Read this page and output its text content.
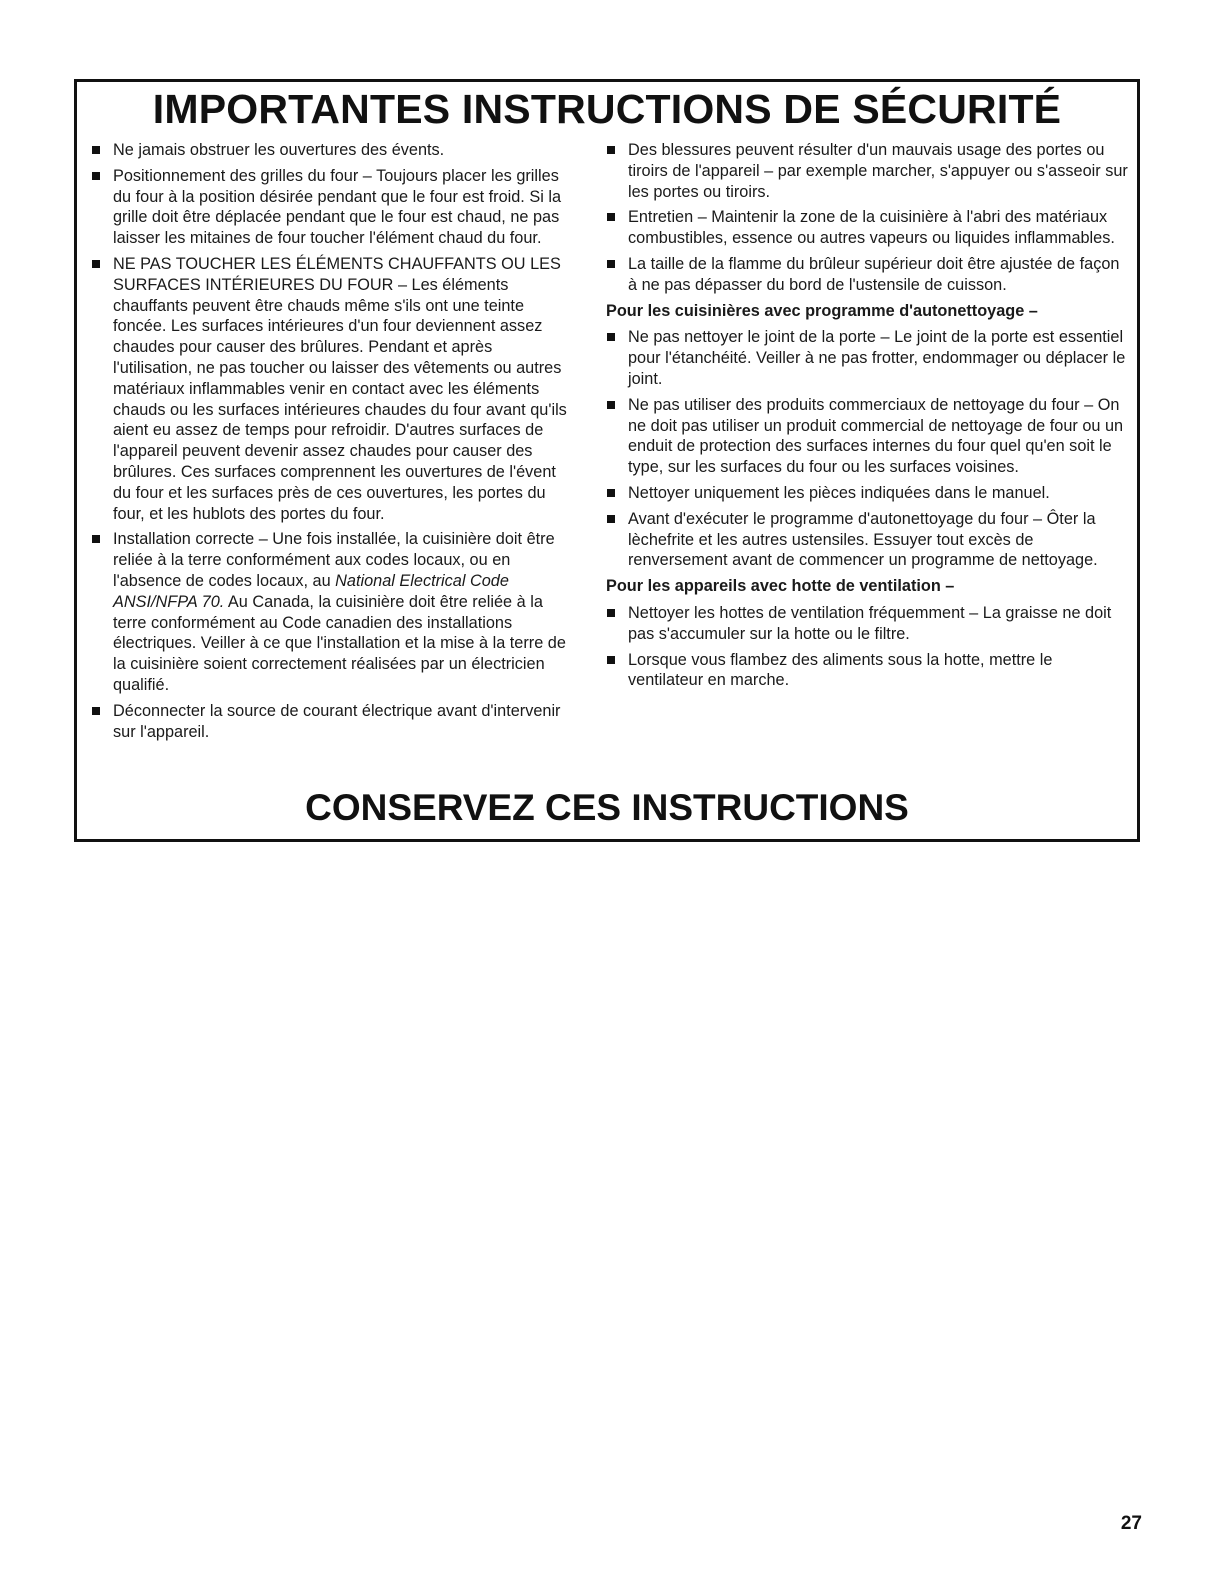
IMPORTANTES INSTRUCTIONS DE SÉCURITÉ
Ne jamais obstruer les ouvertures des évents.
Positionnement des grilles du four – Toujours placer les grilles du four à la position désirée pendant que le four est froid. Si la grille doit être déplacée pendant que le four est chaud, ne pas laisser les mitaines de four toucher l'élément chaud du four.
NE PAS TOUCHER LES ÉLÉMENTS CHAUFFANTS OU LES SURFACES INTÉRIEURES DU FOUR – Les éléments chauffants peuvent être chauds même s'ils ont une teinte foncée. Les surfaces intérieures d'un four deviennent assez chaudes pour causer des brûlures. Pendant et après l'utilisation, ne pas toucher ou laisser des vêtements ou autres matériaux inflammables venir en contact avec les éléments chauds ou les surfaces intérieures chaudes du four avant qu'ils aient eu assez de temps pour refroidir. D'autres surfaces de l'appareil peuvent devenir assez chaudes pour causer des brûlures. Ces surfaces comprennent les ouvertures de l'évent du four et les surfaces près de ces ouvertures, les portes du four, et les hublots des portes du four.
Installation correcte – Une fois installée, la cuisinière doit être reliée à la terre conformément aux codes locaux, ou en l'absence de codes locaux, au National Electrical Code ANSI/NFPA 70. Au Canada, la cuisinière doit être reliée à la terre conformément au Code canadien des installations électriques. Veiller à ce que l'installation et la mise à la terre de la cuisinière soient correctement réalisées par un électricien qualifié.
Déconnecter la source de courant électrique avant d'intervenir sur l'appareil.
Des blessures peuvent résulter d'un mauvais usage des portes ou tiroirs de l'appareil – par exemple marcher, s'appuyer ou s'asseoir sur les portes ou tiroirs.
Entretien – Maintenir la zone de la cuisinière à l'abri des matériaux combustibles, essence ou autres vapeurs ou liquides inflammables.
La taille de la flamme du brûleur supérieur doit être ajustée de façon à ne pas dépasser du bord de l'ustensile de cuisson.
Pour les cuisinières avec programme d'autonettoyage –
Ne pas nettoyer le joint de la porte – Le joint de la porte est essentiel pour l'étanchéité. Veiller à ne pas frotter, endommager ou déplacer le joint.
Ne pas utiliser des produits commerciaux de nettoyage du four – On ne doit pas utiliser un produit commercial de nettoyage de four ou un enduit de protection des surfaces internes du four quel qu'en soit le type, sur les surfaces du four ou les surfaces voisines.
Nettoyer uniquement les pièces indiquées dans le manuel.
Avant d'exécuter le programme d'autonettoyage du four – Ôter la lèchefrite et les autres ustensiles. Essuyer tout excès de renversement avant de commencer un programme de nettoyage.
Pour les appareils avec hotte de ventilation –
Nettoyer les hottes de ventilation fréquemment – La graisse ne doit pas s'accumuler sur la hotte ou le filtre.
Lorsque vous flambez des aliments sous la hotte, mettre le ventilateur en marche.
CONSERVEZ CES INSTRUCTIONS
27
